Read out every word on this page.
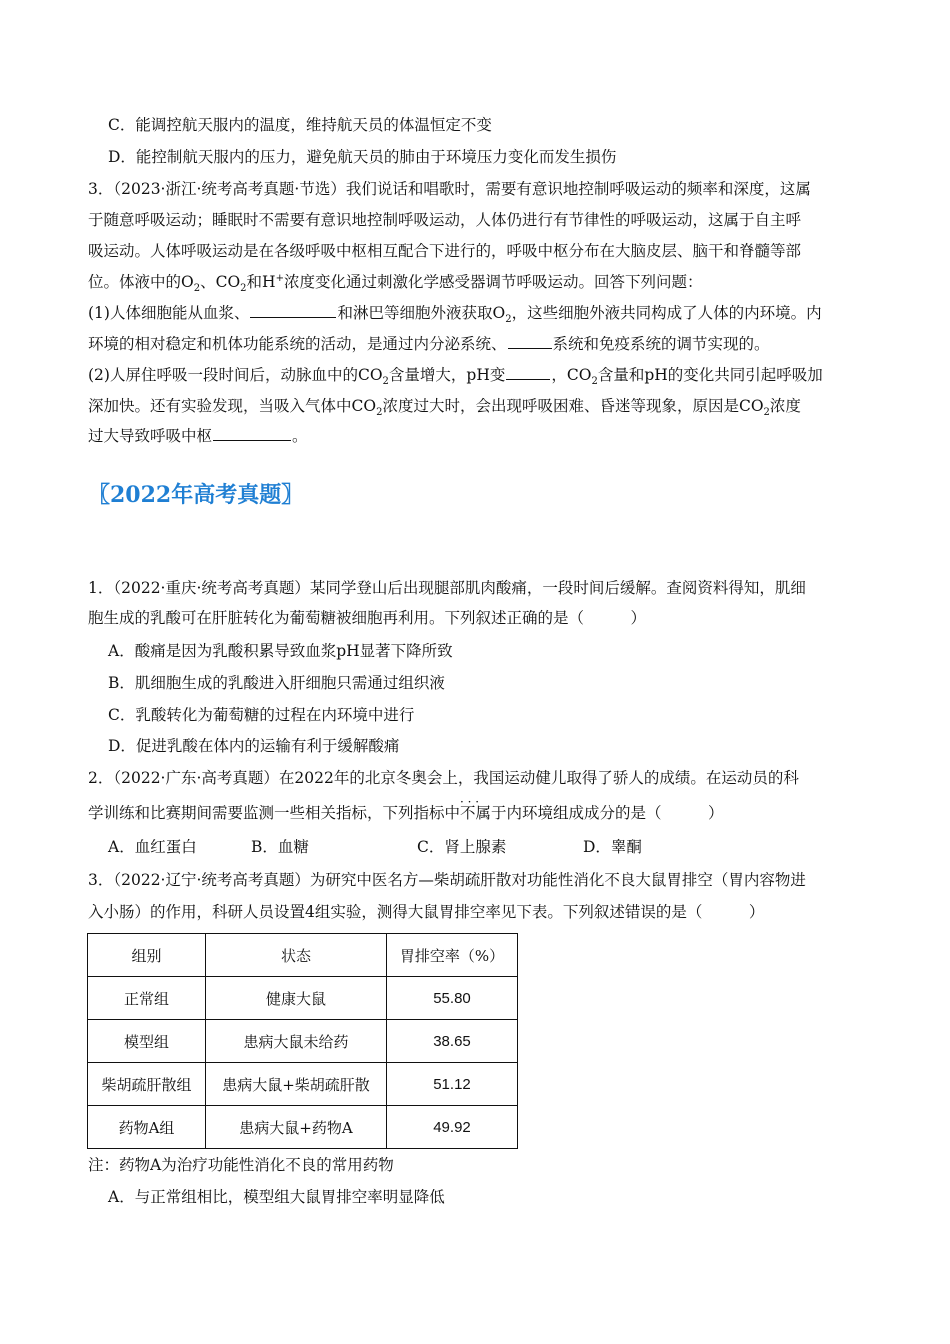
C．能调控航天服内的温度，维持航天员的体温恒定不变
D．能控制航天服内的压力，避免航天员的肺由于环境压力变化而发生损伤
3．（2023·浙江·统考高考真题·节选）我们说话和唱歌时，需要有意识地控制呼吸运动的频率和深度，这属
于随意呼吸运动；睡眠时不需要有意识地控制呼吸运动，人体仍进行有节律性的呼吸运动，这属于自主呼
吸运动。人体呼吸运动是在各级呼吸中枢相互配合下进行的，呼吸中枢分布在大脑皮层、脑干和脊髓等部
位。体液中的$O_2$、$CO_2$和H+浓度变化通过刺激化学感受器调节呼吸运动。回答下列问题：
(1)人体细胞能从血浆、	和淋巴等细胞外液获取$O_2$，这些细胞外液共同构成了人体的内环境。内
环境的相对稳定和机体功能系统的活动，是通过内分泌系统、	系统和免疫系统的调节实现的。
(2)人屏住呼吸一段时间后，动脉血中的$CO_2$含量增大，pH变	，$CO_2$含量和pH的变化共同引起呼吸加
深加快。还有实验发现，当吸入气体中$CO_2$浓度过大时，会出现呼吸困难、昏迷等现象，原因是$CO_2$浓度
过大导致呼吸中枢	。
〖2022年高考真题〗
1．（2022·重庆·统考高考真题）某同学登山后出现腿部肌肉酸痛，一段时间后缓解。查阅资料得知，肌细
胞生成的乳酸可在肝脏转化为葡萄糖被细胞再利用。下列叙述正确的是（　　　）
A．酸痛是因为乳酸积累导致血浆pH显著下降所致
B．肌细胞生成的乳酸进入肝细胞只需通过组织液
C．乳酸转化为葡萄糖的过程在内环境中进行
D．促进乳酸在体内的运输有利于缓解酸痛
2．（2022·广东·高考真题）在2022年的北京冬奥会上，我国运动健儿取得了骄人的成绩。在运动员的科
学训练和比赛期间需要监测一些相关指标，下列指标中不属于 · · ·内环境组成成分的是（　　　）
A．血红蛋白	B．血糖	C．肾上腺素	D．睾酮
3．（2022·辽宁·统考高考真题）为研究中医名方—柴胡疏肝散对功能性消化不良大鼠胃排空（胃内容物进
入小肠）的作用，科研人员设置4组实验，测得大鼠胃排空率见下表。下列叙述错误的是（　　　）
组别	状态	胃排空率（%）
正常组	健康大鼠	55.80
模型组	患病大鼠未给药	38.65
柴胡疏肝散组	患病大鼠+柴胡疏肝散	51.12
药物A组	患病大鼠+药物A	49.92
注：药物A为治疗功能性消化不良的常用药物
A．与正常组相比，模型组大鼠胃排空率明显降低
